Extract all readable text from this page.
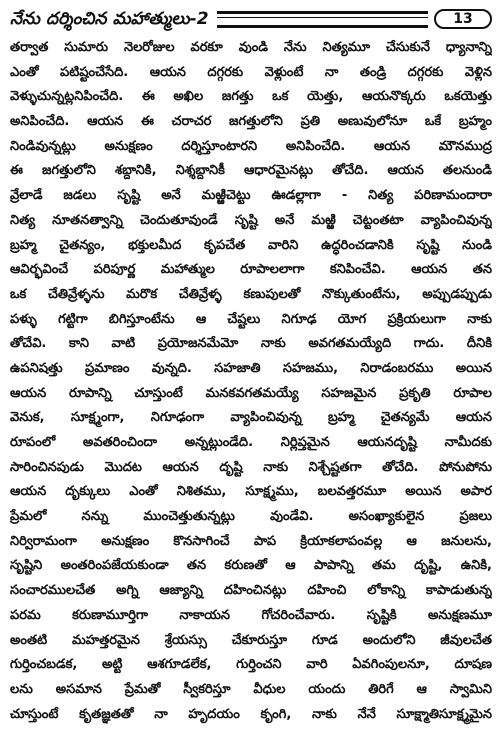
నేను దర్శించిన మహాత్ములు-2	13
తర్వాత సుమారు నెలరోజుల వరకూ వుండి నేను నిత్యమూ చేసుకునే ధ్యానాన్ని
ఎంతో పటిష్టంచేసేది. ఆయన దగ్గరకు వెళ్లుంటే నా తండ్రి దగ్గరకు వెళ్లిన
వెళ్ళుచున్నట్లనిపించేది. ఈ అఖిల జగత్తు ఒక యెత్తు, ఆయనొక్కరు ఒకయెత్తు
అనిపించేది. ఆయన ఈ చరాచర జగత్తులోని ప్రతి అణువులోనూ ఒకే బ్రహ్మం
నిండివున్నట్లు అనుక్షణం దర్శిస్తూంటారని అనిపించేది. ఆయన మౌనముద్ర
ఈ జగత్తులోని శబ్దానికి, నిశ్శబ్దానికీ ఆధారమైనట్లు తోచేది. ఆయన తలనుండి
వ్రేలాడే జడలు సృష్టి అనే మఱ్ఱిచెట్టు ఊడల్లాగా - నిత్య పరిణామందారా
నిత్య నూతనత్వాన్ని చెందుతూవుండే సృష్టి అనే మఱ్ఱి చెట్టంతటా వ్యాపించివున్న
బ్రహ్మ చైతన్యం, భక్తులమీద కృపచేత వారిని ఉద్ధరించడానికి సృష్టి నుండి
ఆవిర్భవించే పరిపూర్ణ మహాత్ముల రూపాలలాగా కనిపించేవి. ఆయన తన
ఒక చేతివ్రేళ్ళను మరొక చేతివ్రేళ్ళ కణుపులతో నొక్కుతుంటేను, అప్పుడప్పుడు
పళ్ళు గట్టిగా బిగిస్తూంటేను ఆ చేష్టలు నిగూఢ యోగ ప్రక్రియలుగా నాకు
తోచేవి. కాని వాటి ప్రయోజనమేమో నాకు అవగతమయ్యేది గాదు. దీనికి
ఉపనిషత్తు ప్రమాణం వున్నది. సహజాతి సహజము, నిరాడంబరము అయిన
ఆయన రూపాన్ని చూస్తుంటే మనకవగతమయ్యే సహజమైన ప్రకృతి రూపాల
వెనుక, సూక్ష్మంగా, నిగూఢంగా వ్యాపించివున్న బ్రహ్మ చైతన్యమే ఆయన
రూపంలో అవతరించిందా అన్నట్లుండేది. నిర్లిప్తమైన ఆయనదృష్టి నామీదకు
సారించినపుడు మొదట ఆయన దృష్టి నాకు నిశ్చేష్టతగా తోచేది. పోనుపోను
ఆయన దృక్కులు ఎంతో నిశితము, సూక్ష్మము, బలవత్తరమూ అయిన అపార
ప్రేమలో నన్ను ముంచెత్తుతున్నట్లు వుండేవి. అసంఖ్యాకులైన ప్రజలు
నిర్విరామంగా అనుక్షణం కొనసాగించే పాప క్రియాకలాపంవల్ల ఆ జనులను,
సృష్టిని అంతరింపజేయకుండా తన కరుణతో ఆ పాపాన్ని తమ దృష్టి, ఉనికి,
సంచారములచేత అగ్ని ఆజ్యాన్ని దహించినట్లు దహించి లోకాన్ని కాపాడుతున్న
పరమ కరుణామూర్తిగా నాకాయన గోచరించేవారు. సృష్టికి అనుక్షణమూ
అంతటి మహత్తరమైన శ్రేయస్సు చేకూరుస్తూ గూడ అందులోని జీవులచేత
గుర్తించబడక, అట్టి ఆశగూడలేక, గుర్తించని వారి ఏవగింపులనూ, దూషణ
లను అసమాన ప్రేమతో స్వీకరిస్తూ వీధుల యందు తిరిగే ఆ స్వామిని
చూస్తుంటే కృతజ్ఞతతో నా హృదయం కృంగి, నాకు నేనే సూక్ష్మాతిసూక్ష్మమైన
